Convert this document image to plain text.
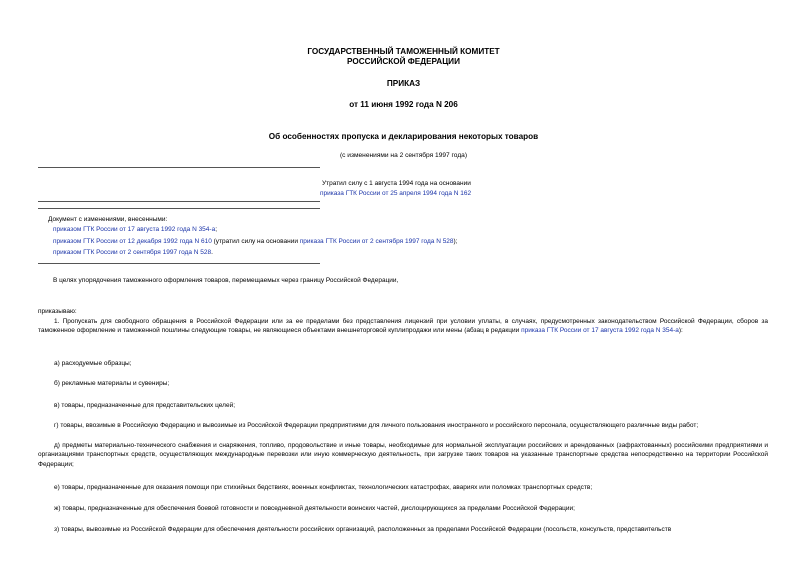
ГОСУДАРСТВЕННЫЙ ТАМОЖЕННЫЙ КОМИТЕТ
РОССИЙСКОЙ ФЕДЕРАЦИИ
ПРИКАЗ
от 11 июня 1992 года N 206
Об особенностях пропуска и декларирования некоторых товаров
(с изменениями на 2 сентября 1997 года)
Утратил силу с 1 августа 1994 года на основании
приказа ГТК России от 25 апреля 1994 года N 162
Документ с изменениями, внесенными:
приказом ГТК России от 17 августа 1992 года N 354-а;
приказом ГТК России от 12 декабря 1992 года N 610 (утратил силу на основании приказа ГТК России от 2 сентября 1997 года N 528);
приказом ГТК России от 2 сентября 1997 года N 528.
В целях упорядочения таможенного оформления товаров, перемещаемых через границу Российской Федерации,
приказываю:
1. Пропускать для свободного обращения в Российской Федерации или за ее пределами без представления лицензий при условии уплаты, в случаях, предусмотренных законодательством Российской Федерации, сборов за таможенное оформление и таможенной пошлины следующие товары, не являющиеся объектами внешнеторговой куплипродажи или мены (абзац в редакции приказа ГТК России от 17 августа 1992 года N 354-а):
а) расходуемые образцы;
б) рекламные материалы и сувениры;
в) товары, предназначенные для представительских целей;
г) товары, ввозимые в Российскую Федерацию и вывозимые из Российской Федерации предприятиями для личного пользования иностранного и российского персонала, осуществляющего различные виды работ;
д) предметы материально-технического снабжения и снаряжения, топливо, продовольствие и иные товары, необходимые для нормальной эксплуатации российских и арендованных (зафрахтованных) российскими предприятиями и организациями транспортных средств, осуществляющих международные перевозки или иную коммерческую деятельность, при загрузке таких товаров на указанные транспортные средства непосредственно на территории Российской Федерации;
е) товары, предназначенные для оказания помощи при стихийных бедствиях, военных конфликтах, технологических катастрофах, авариях или поломках транспортных средств;
ж) товары, предназначенные для обеспечения боевой готовности и повседневной деятельности воинских частей, дислоцирующихся за пределами Российской Федерации;
з) товары, вывозимые из Российской Федерации для обеспечения деятельности российских организаций, расположенных за пределами Российской Федерации (посольств, консульств, представительств
